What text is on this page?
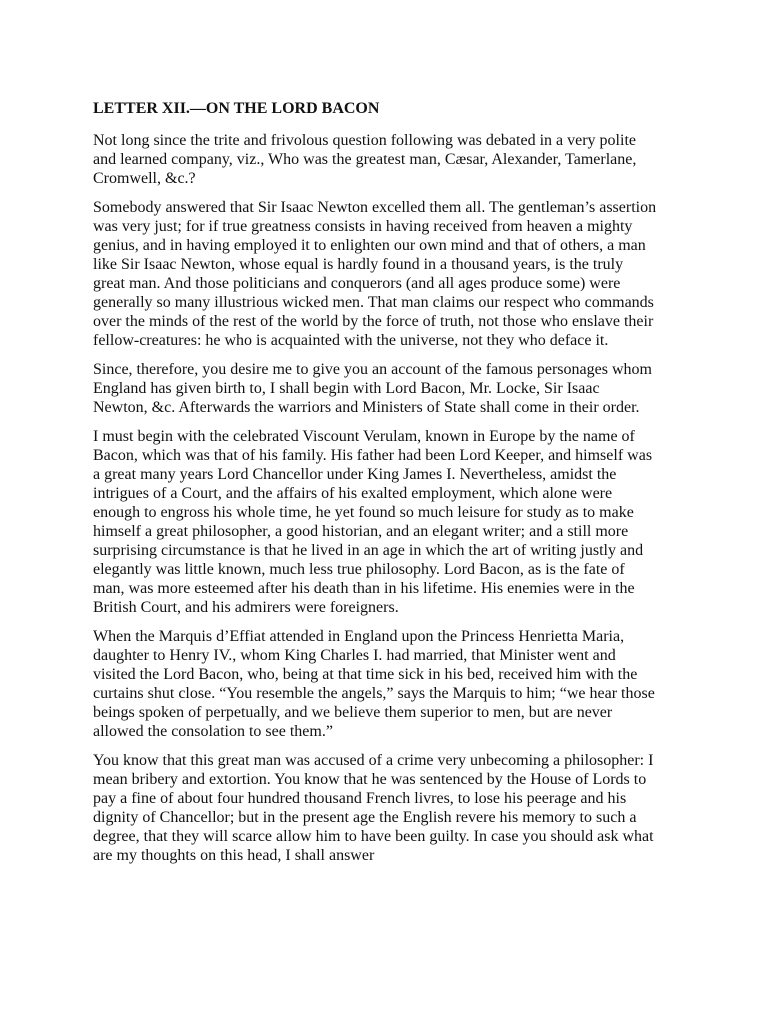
LETTER XII.—ON THE LORD BACON

Not long since the trite and frivolous question following was debated in a very polite and learned company, viz., Who was the greatest man, Cæsar, Alexander, Tamerlane, Cromwell, &c.?

Somebody answered that Sir Isaac Newton excelled them all. The gentleman’s assertion was very just; for if true greatness consists in having received from heaven a mighty genius, and in having employed it to enlighten our own mind and that of others, a man like Sir Isaac Newton, whose equal is hardly found in a thousand years, is the truly great man. And those politicians and conquerors (and all ages produce some) were generally so many illustrious wicked men. That man claims our respect who commands over the minds of the rest of the world by the force of truth, not those who enslave their fellow-creatures: he who is acquainted with the universe, not they who deface it.

Since, therefore, you desire me to give you an account of the famous personages whom England has given birth to, I shall begin with Lord Bacon, Mr. Locke, Sir Isaac Newton, &c. Afterwards the warriors and Ministers of State shall come in their order.

I must begin with the celebrated Viscount Verulam, known in Europe by the name of Bacon, which was that of his family. His father had been Lord Keeper, and himself was a great many years Lord Chancellor under King James I. Nevertheless, amidst the intrigues of a Court, and the affairs of his exalted employment, which alone were enough to engross his whole time, he yet found so much leisure for study as to make himself a great philosopher, a good historian, and an elegant writer; and a still more surprising circumstance is that he lived in an age in which the art of writing justly and elegantly was little known, much less true philosophy. Lord Bacon, as is the fate of man, was more esteemed after his death than in his lifetime. His enemies were in the British Court, and his admirers were foreigners.

When the Marquis d’Effiat attended in England upon the Princess Henrietta Maria, daughter to Henry IV., whom King Charles I. had married, that Minister went and visited the Lord Bacon, who, being at that time sick in his bed, received him with the curtains shut close. “You resemble the angels,” says the Marquis to him; “we hear those beings spoken of perpetually, and we believe them superior to men, but are never allowed the consolation to see them.”

You know that this great man was accused of a crime very unbecoming a philosopher: I mean bribery and extortion. You know that he was sentenced by the House of Lords to pay a fine of about four hundred thousand French livres, to lose his peerage and his dignity of Chancellor; but in the present age the English revere his memory to such a degree, that they will scarce allow him to have been guilty. In case you should ask what are my thoughts on this head, I shall answer
